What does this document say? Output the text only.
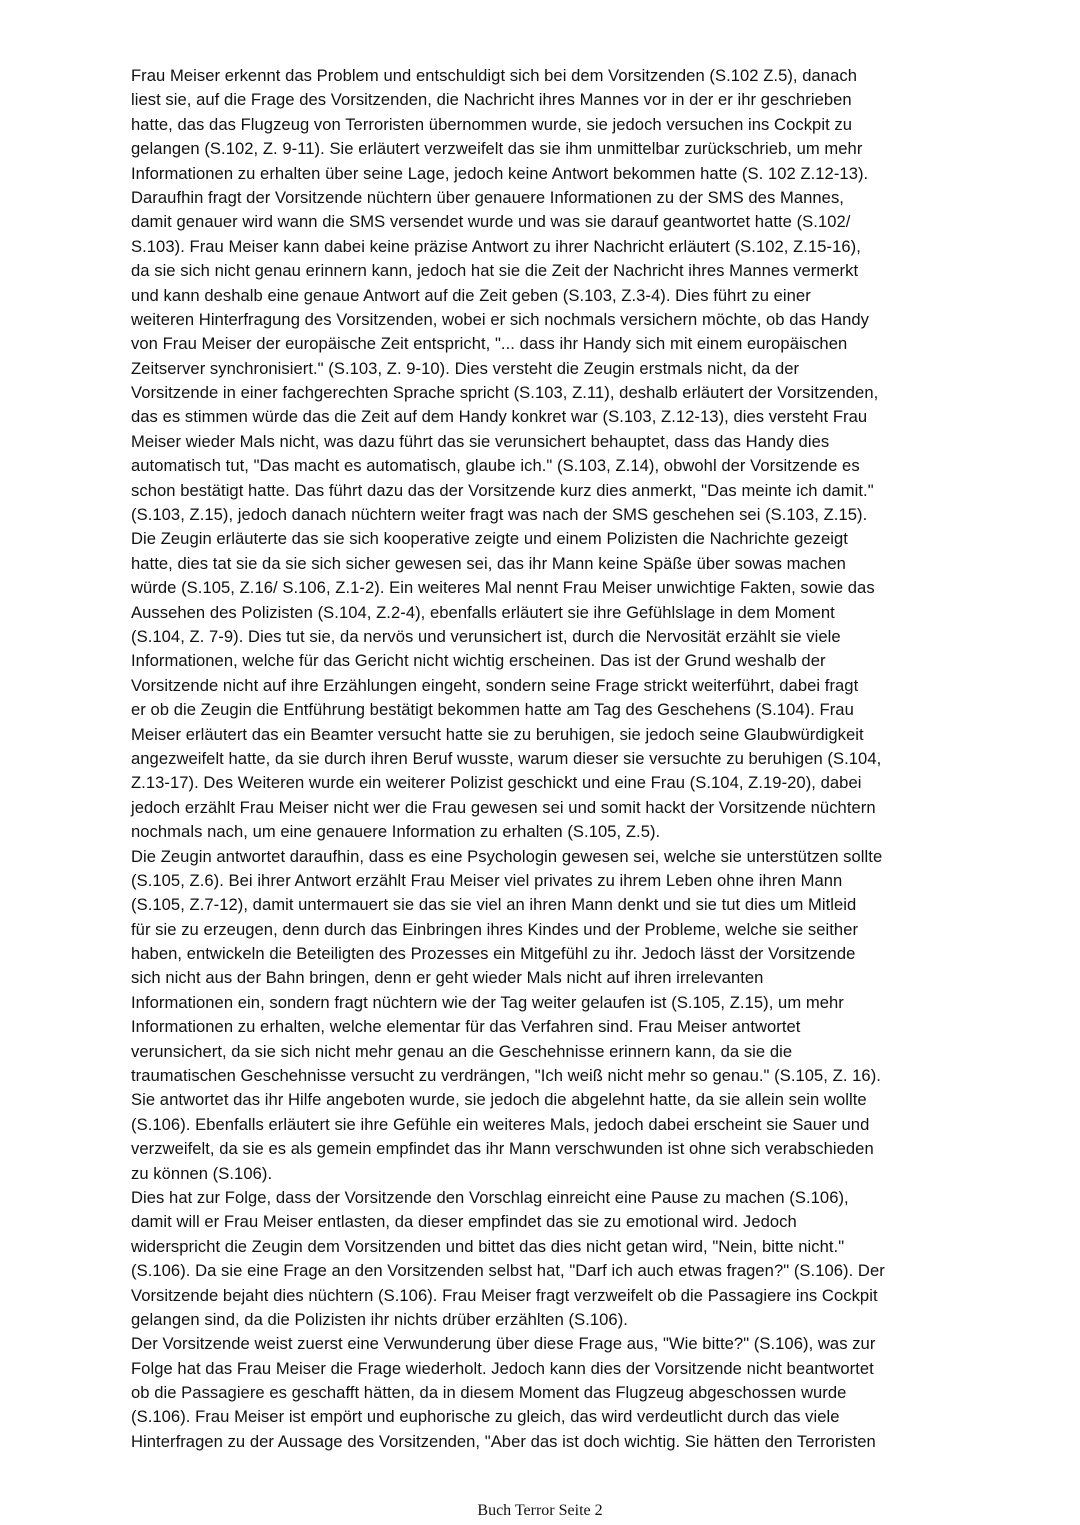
Frau Meiser erkennt das Problem und entschuldigt sich bei dem Vorsitzenden (S.102 Z.5), danach
liest sie, auf die Frage des Vorsitzenden, die Nachricht ihres Mannes vor in der er ihr geschrieben
hatte, das das Flugzeug von Terroristen übernommen wurde, sie jedoch versuchen ins Cockpit zu
gelangen (S.102, Z. 9-11). Sie erläutert verzweifelt das sie ihm unmittelbar zurückschrieb, um mehr
Informationen zu erhalten über seine Lage, jedoch keine Antwort bekommen hatte (S. 102 Z.12-13).
Daraufhin fragt der Vorsitzende nüchtern über genauere Informationen zu der SMS des Mannes,
damit genauer wird wann die SMS versendet wurde und was sie darauf geantwortet hatte (S.102/
S.103). Frau Meiser kann dabei keine präzise Antwort zu ihrer Nachricht erläutert (S.102, Z.15-16),
da sie sich nicht genau erinnern kann, jedoch hat sie die Zeit der Nachricht ihres Mannes vermerkt
und kann deshalb eine genaue Antwort auf die Zeit geben (S.103, Z.3-4). Dies führt zu einer
weiteren Hinterfragung des Vorsitzenden, wobei er sich nochmals versichern möchte, ob das Handy
von Frau Meiser der europäische Zeit entspricht, "... dass ihr Handy sich mit einem europäischen
Zeitserver synchronisiert." (S.103, Z. 9-10). Dies versteht die Zeugin erstmals nicht, da der
Vorsitzende in einer fachgerechten Sprache spricht (S.103, Z.11), deshalb erläutert der Vorsitzenden,
das es stimmen würde das die Zeit auf dem Handy konkret war (S.103, Z.12-13), dies versteht Frau
Meiser wieder Mals nicht, was dazu führt das sie verunsichert behauptet, dass das Handy dies
automatisch tut, "Das macht es automatisch, glaube ich." (S.103, Z.14), obwohl der Vorsitzende es
schon bestätigt hatte. Das führt dazu das der Vorsitzende kurz dies anmerkt, "Das meinte ich damit."
(S.103, Z.15), jedoch danach nüchtern weiter fragt was nach der SMS geschehen sei (S.103, Z.15).
Die Zeugin erläuterte das sie sich kooperative zeigte und einem Polizisten die Nachrichte gezeigt
hatte, dies tat sie da sie sich sicher gewesen sei, das ihr Mann keine Späße über sowas machen
würde (S.105, Z.16/ S.106, Z.1-2). Ein weiteres Mal nennt Frau Meiser unwichtige Fakten, sowie das
Aussehen des Polizisten (S.104, Z.2-4), ebenfalls erläutert sie ihre Gefühlslage in dem Moment
(S.104, Z. 7-9). Dies tut sie, da nervös und verunsichert ist, durch die Nervosität erzählt sie viele
Informationen, welche für das Gericht nicht wichtig erscheinen. Das ist der Grund weshalb der
Vorsitzende nicht auf ihre Erzählungen eingeht, sondern seine Frage strickt weiterführt, dabei fragt
er ob die Zeugin die Entführung bestätigt bekommen hatte am Tag des Geschehens (S.104). Frau
Meiser erläutert das ein Beamter versucht hatte sie zu beruhigen, sie jedoch seine Glaubwürdigkeit
angezweifelt hatte, da sie durch ihren Beruf wusste, warum dieser sie versuchte zu beruhigen (S.104,
Z.13-17). Des Weiteren wurde ein weiterer Polizist geschickt und eine Frau (S.104, Z.19-20), dabei
jedoch erzählt Frau Meiser nicht wer die Frau gewesen sei und somit hackt der Vorsitzende nüchtern
nochmals nach, um eine genauere Information zu erhalten (S.105, Z.5).
Die Zeugin antwortet daraufhin, dass es eine Psychologin gewesen sei, welche sie unterstützen sollte
(S.105, Z.6). Bei ihrer Antwort erzählt Frau Meiser viel privates zu ihrem Leben ohne ihren Mann
(S.105, Z.7-12), damit untermauert sie das sie viel an ihren Mann denkt und sie tut dies um Mitleid
für sie zu erzeugen, denn durch das Einbringen ihres Kindes und der Probleme, welche sie seither
haben, entwickeln die Beteiligten des Prozesses ein Mitgefühl zu ihr. Jedoch lässt der Vorsitzende
sich nicht aus der Bahn bringen, denn er geht wieder Mals nicht auf ihren irrelevanten
Informationen ein, sondern fragt nüchtern wie der Tag weiter gelaufen ist (S.105, Z.15), um mehr
Informationen zu erhalten, welche elementar für das Verfahren sind. Frau Meiser antwortet
verunsichert, da sie sich nicht mehr genau an die Geschehnisse erinnern kann, da sie die
traumatischen Geschehnisse versucht zu verdrängen, "Ich weiß nicht mehr so genau." (S.105, Z. 16).
Sie antwortet das ihr Hilfe angeboten wurde, sie jedoch die abgelehnt hatte, da sie allein sein wollte
(S.106). Ebenfalls erläutert sie ihre Gefühle ein weiteres Mals, jedoch dabei erscheint sie Sauer und
verzweifelt, da sie es als gemein empfindet das ihr Mann verschwunden ist ohne sich verabschieden
zu können (S.106).
Dies hat zur Folge, dass der Vorsitzende den Vorschlag einreicht eine Pause zu machen (S.106),
damit will er Frau Meiser entlasten, da dieser empfindet das sie zu emotional wird. Jedoch
widerspricht die Zeugin dem Vorsitzenden und bittet das dies nicht getan wird, "Nein, bitte nicht."
(S.106). Da sie eine Frage an den Vorsitzenden selbst hat, "Darf ich auch etwas fragen?" (S.106). Der
Vorsitzende bejaht dies nüchtern (S.106). Frau Meiser fragt verzweifelt ob die Passagiere ins Cockpit
gelangen sind, da die Polizisten ihr nichts drüber erzählten (S.106).
Der Vorsitzende weist zuerst eine Verwunderung über diese Frage aus, "Wie bitte?" (S.106), was zur
Folge hat das Frau Meiser die Frage wiederholt. Jedoch kann dies der Vorsitzende nicht beantwortet
ob die Passagiere es geschafft hätten, da in diesem Moment das Flugzeug abgeschossen wurde
(S.106). Frau Meiser ist empört und euphorische zu gleich, das wird verdeutlicht durch das viele
Hinterfragen zu der Aussage des Vorsitzenden, "Aber das ist doch wichtig. Sie hätten den Terroristen
Buch Terror Seite 2
